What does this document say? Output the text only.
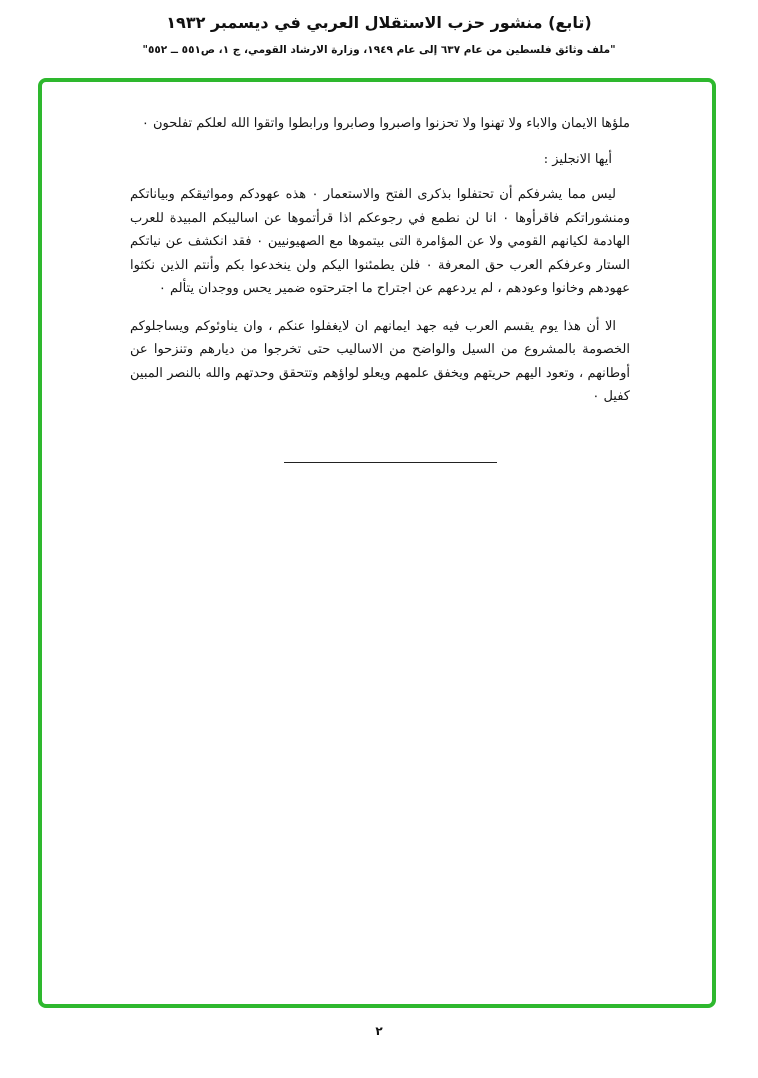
(تابع) منشور حزب الاستقلال العربي في ديسمبر ١٩٣٢
"ملف وثائق فلسطين من عام ٦٣٧ إلى عام ١٩٤٩، وزارة الارشاد القومي، ج ١، ص٥٥١ ــ ٥٥٢"

ملؤها الايمان والاباء ولا تهنوا ولا تحزنوا واصبروا وصابروا ورابطوا واتقوا الله لعلكم تفلحون ٠

أيها الانجليز :

ليس مما يشرفكم أن تحتفلوا بذكرى الفتح والاستعمار ٠ هذه عهودكم ومواثيقكم وبياناتكم ومنشوراتكم فاقرأوها ٠ انا لن نطمع في رجوعكم اذا قرأتموها عن اساليبكم المبيدة للعرب الهادمة لكيانهم القومي ولا عن المؤامرة التى بيتموها مع الصهيونيين ٠ فقد انكشف عن نياتكم الستار وعرفكم العرب حق المعرفة ٠ فلن يطمئنوا اليكم ولن ينخدعوا بكم وأنتم الذين نكثوا عهودهم وخانوا وعودهم ، لم يردعهم عن اجتراح ما اجترحتوه ضمير يحس ووجدان يتألم ٠

الا أن هذا يوم يقسم العرب فيه جهد ايمانهم ان لايغفلوا عنكم ، وان يناوئوكم ويساجلوكم الخصومة بالمشروع من السيل والواضح من الاساليب حتى تخرجوا من ديارهم وتنزحوا عن أوطانهم ، وتعود اليهم حريتهم ويخفق علمهم ويعلو لواؤهم وتتحقق وحدتهم والله بالنصر المبين كفيل ٠

٢
